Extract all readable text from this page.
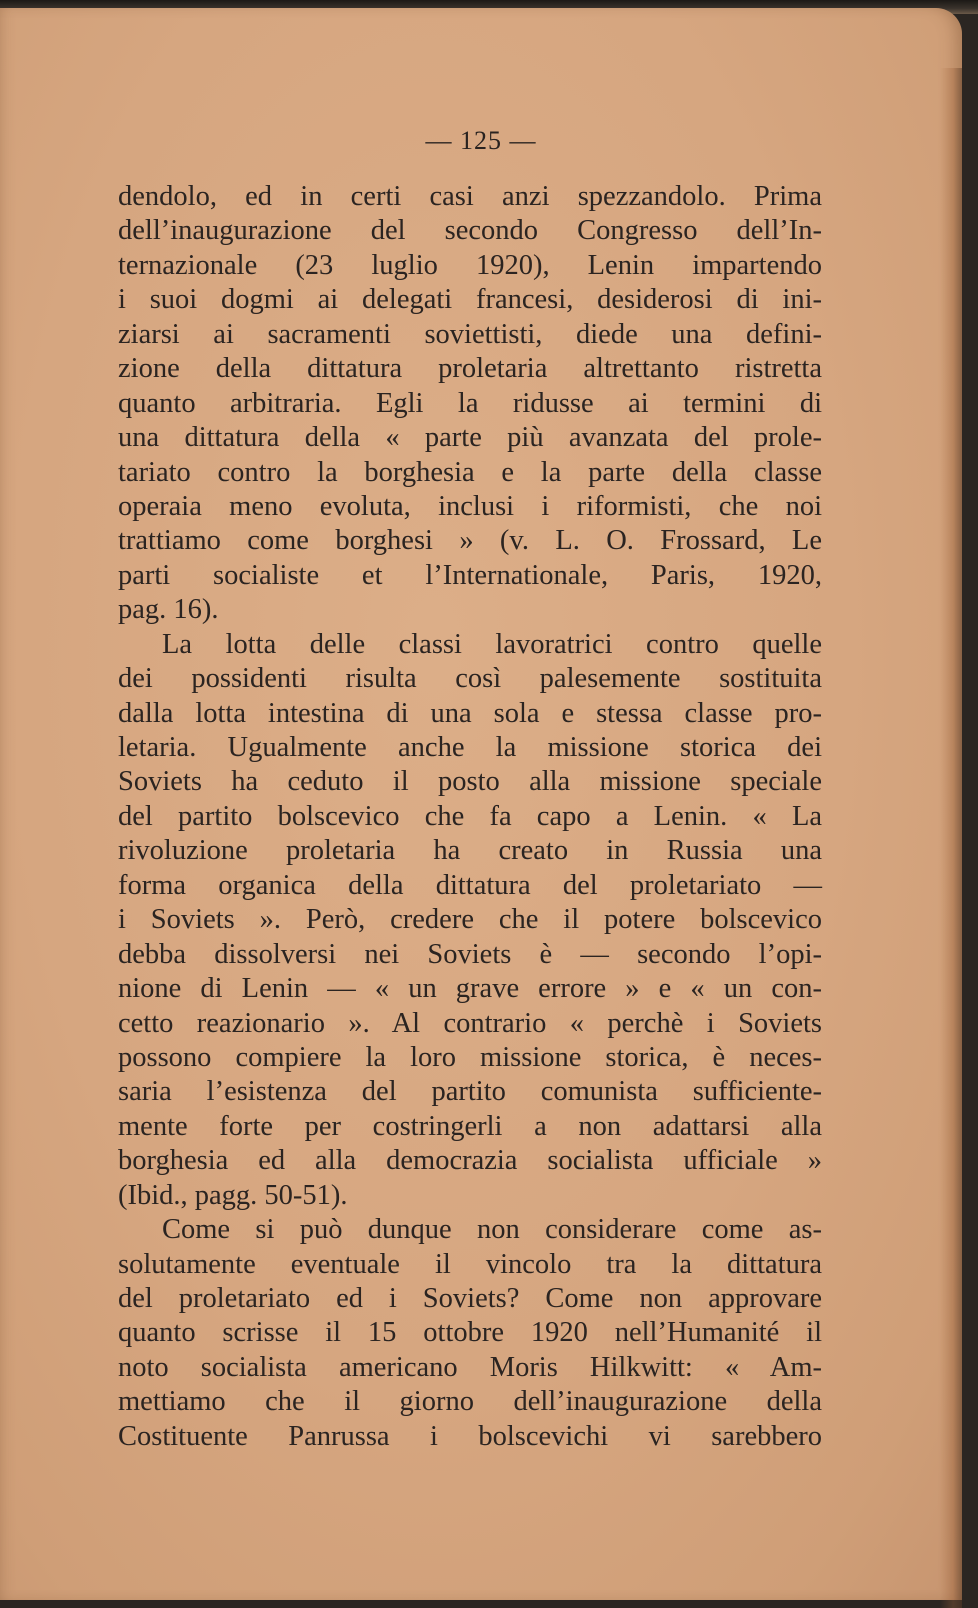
— 125 —
dendolo, ed in certi casi anzi spezzandolo. Prima
dell’inaugurazione del secondo Congresso dell’In-
ternazionale (23 luglio 1920), Lenin impartendo
i suoi dogmi ai delegati francesi, desiderosi di ini-
ziarsi ai sacramenti soviettisti, diede una defini-
zione della dittatura proletaria altrettanto ristretta
quanto arbitraria. Egli la ridusse ai termini di
una dittatura della « parte più avanzata del prole-
tariato contro la borghesia e la parte della classe
operaia meno evoluta, inclusi i riformisti, che noi
trattiamo come borghesi » (v. L. O. Frossard, Le
parti socialiste et l’Internationale, Paris, 1920,
pag. 16).
La lotta delle classi lavoratrici contro quelle
dei possidenti risulta così palesemente sostituita
dalla lotta intestina di una sola e stessa classe pro-
letaria. Ugualmente anche la missione storica dei
Soviets ha ceduto il posto alla missione speciale
del partito bolscevico che fa capo a Lenin. « La
rivoluzione proletaria ha creato in Russia una
forma organica della dittatura del proletariato —
i Soviets ». Però, credere che il potere bolscevico
debba dissolversi nei Soviets è — secondo l’opi-
nione di Lenin — « un grave errore » e « un con-
cetto reazionario ». Al contrario « perchè i Soviets
possono compiere la loro missione storica, è neces-
saria l’esistenza del partito comunista sufficiente-
mente forte per costringerli a non adattarsi alla
borghesia ed alla democrazia socialista ufficiale »
(Ibid., pagg. 50-51).
Come si può dunque non considerare come as-
solutamente eventuale il vincolo tra la dittatura
del proletariato ed i Soviets? Come non approvare
quanto scrisse il 15 ottobre 1920 nell’Humanité il
noto socialista americano Moris Hilkwitt: « Am-
mettiamo che il giorno dell’inaugurazione della
Costituente Panrussa i bolscevichi vi sarebbero
